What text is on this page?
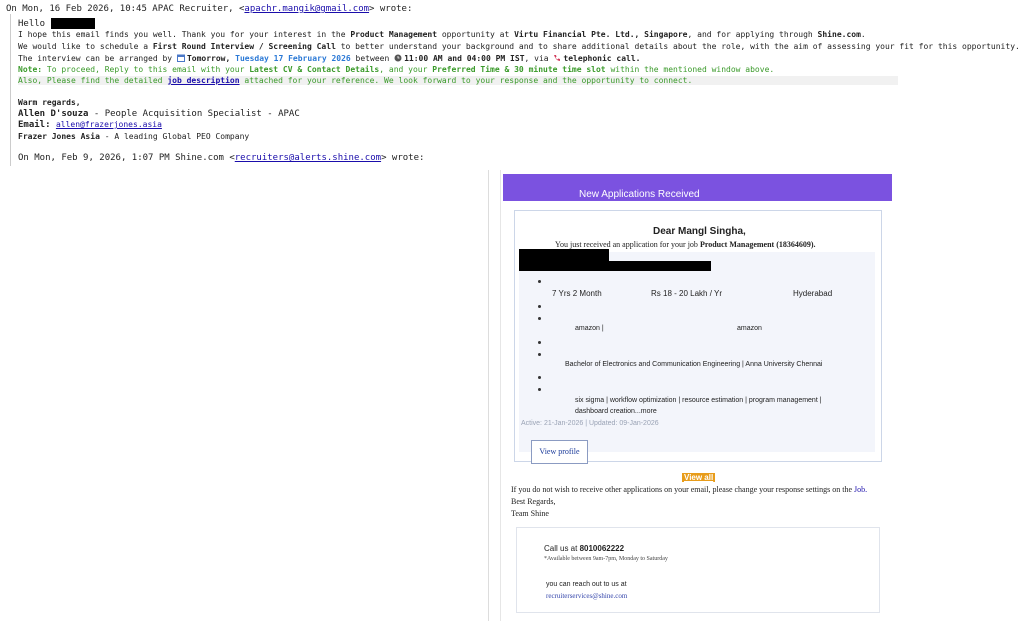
On Mon, 16 Feb 2026, 10:45 APAC Recruiter, <apachr.mangik@gmail.com> wrote:
Hello
I hope this email finds you well. Thank you for your interest in the Product Management opportunity at Virtu Financial Pte. Ltd., Singapore, and for applying through Shine.com.
We would like to schedule a First Round Interview / Screening Call to better understand your background and to share additional details about the role, with the aim of assessing your fit for this opportunity.
The interview can be arranged by Tomorrow, Tuesday 17 February 2026 between 11:00 AM and 04:00 PM IST, via telephonic call.
Note: To proceed, Reply to this email with your Latest CV & Contact Details, and your Preferred Time & 30 minute time slot within the mentioned window above.
Also, Please find the detailed job description attached for your reference. We look forward to your response and the opportunity to connect.
Warm regards,
Allen D'souza - People Acquisition Specialist - APAC
Email: allen@frazerjones.asia
Frazer Jones Asia - A leading Global PEO Company
On Mon, Feb 9, 2026, 1:07 PM Shine.com <recruiters@alerts.shine.com> wrote:
New Applications Received
Dear Mangl Singha,
You just received an application for your job Product Management (18364609).
7 Yrs 2 Month	Rs 18 - 20 Lakh / Yr	Hyderabad
amazon |	amazon
Bachelor of Electronics and Communication Engineering | Anna University Chennai
six sigma | workflow optimization | resource estimation | program management |
dashboard creation...more
Active: 21-Jan-2026 | Updated: 09-Jan-2026
View profile
View all
If you do not wish to receive other applications on your email, please change your response settings on the Job.
Best Regards,
Team Shine
Call us at 8010062222
*Available between 9am-7pm, Monday to Saturday
you can reach out to us at
recruiterservices@shine.com
